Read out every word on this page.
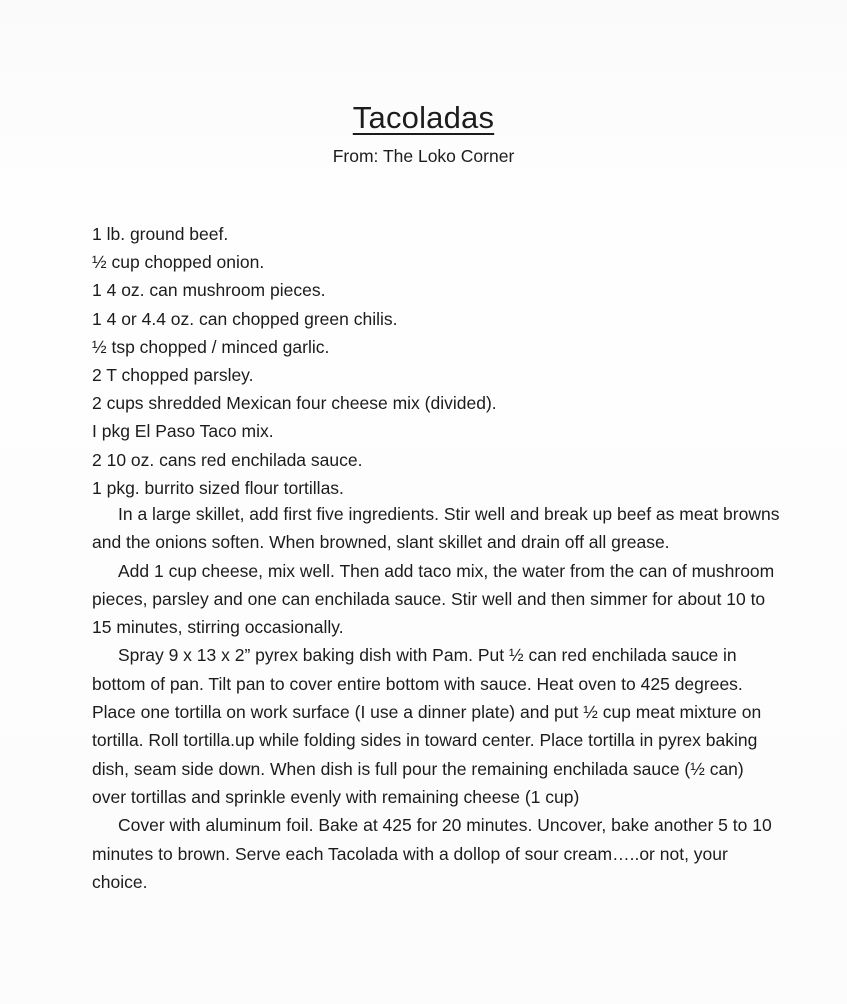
Tacoladas
From: The Loko Corner
1 lb. ground beef.
½ cup chopped onion.
1 4 oz. can mushroom pieces.
1 4 or 4.4 oz. can chopped green chilis.
½ tsp chopped / minced garlic.
2 T chopped parsley.
2 cups shredded Mexican four cheese mix (divided).
I pkg El Paso Taco mix.
2 10 oz. cans red enchilada sauce.
1 pkg. burrito sized flour tortillas.

In a large skillet, add first five ingredients. Stir well and break up beef as meat browns and the onions soften. When browned, slant skillet and drain off all grease.

Add 1 cup cheese, mix well. Then add taco mix, the water from the can of mushroom pieces, parsley and one can enchilada sauce. Stir well and then simmer for about 10 to 15 minutes, stirring occasionally.

Spray 9 x 13 x 2” pyrex baking dish with Pam. Put ½ can red enchilada sauce in bottom of pan. Tilt pan to cover entire bottom with sauce. Heat oven to 425 degrees. Place one tortilla on work surface (I use a dinner plate) and put ½ cup meat mixture on tortilla. Roll tortilla.up while folding sides in toward center. Place tortilla in pyrex baking dish, seam side down. When dish is full pour the remaining enchilada sauce (½ can) over tortillas and sprinkle evenly with remaining cheese (1 cup)

Cover with aluminum foil. Bake at 425 for 20 minutes. Uncover, bake another 5 to 10 minutes to brown. Serve each Tacolada with a dollop of sour cream…..or not, your choice.
